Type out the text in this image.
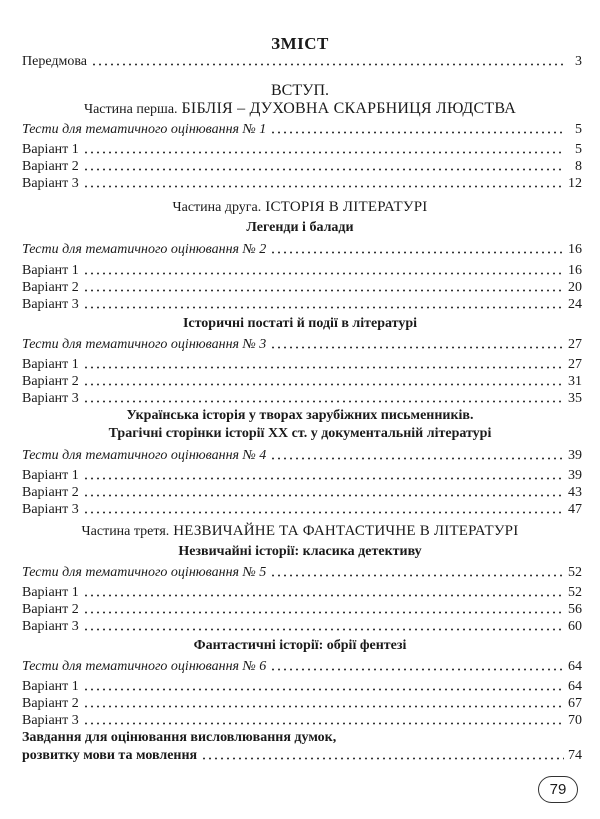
ЗМІСТ
Передмова	3
ВСТУП.
Частина перша. БІБЛІЯ – ДУХОВНА СКАРБНИЦЯ ЛЮДСТВА
Тести для тематичного оцінювання № 1	5
Варіант 1	5
Варіант 2	8
Варіант 3	12
Частина друга. ІСТОРІЯ В ЛІТЕРАТУРІ
Легенди і балади
Тести для тематичного оцінювання № 2	16
Варіант 1	16
Варіант 2	20
Варіант 3	24
Історичні постаті й події в літературі
Тести для тематичного оцінювання № 3	27
Варіант 1	27
Варіант 2	31
Варіант 3	35
Українська історія у творах зарубіжних письменників.
Трагічні сторінки історії ХХ ст. у документальній літературі
Тести для тематичного оцінювання № 4	39
Варіант 1	39
Варіант 2	43
Варіант 3	47
Частина третя. НЕЗВИЧАЙНЕ ТА ФАНТАСТИЧНЕ В ЛІТЕРАТУРІ
Незвичайні історії: класика детективу
Тести для тематичного оцінювання № 5	52
Варіант 1	52
Варіант 2	56
Варіант 3	60
Фантастичні історії: обрії фентезі
Тести для тематичного оцінювання № 6	64
Варіант 1	64
Варіант 2	67
Варіант 3	70
Завдання для оцінювання висловлювання думок,
розвитку мови та мовлення	74
79
